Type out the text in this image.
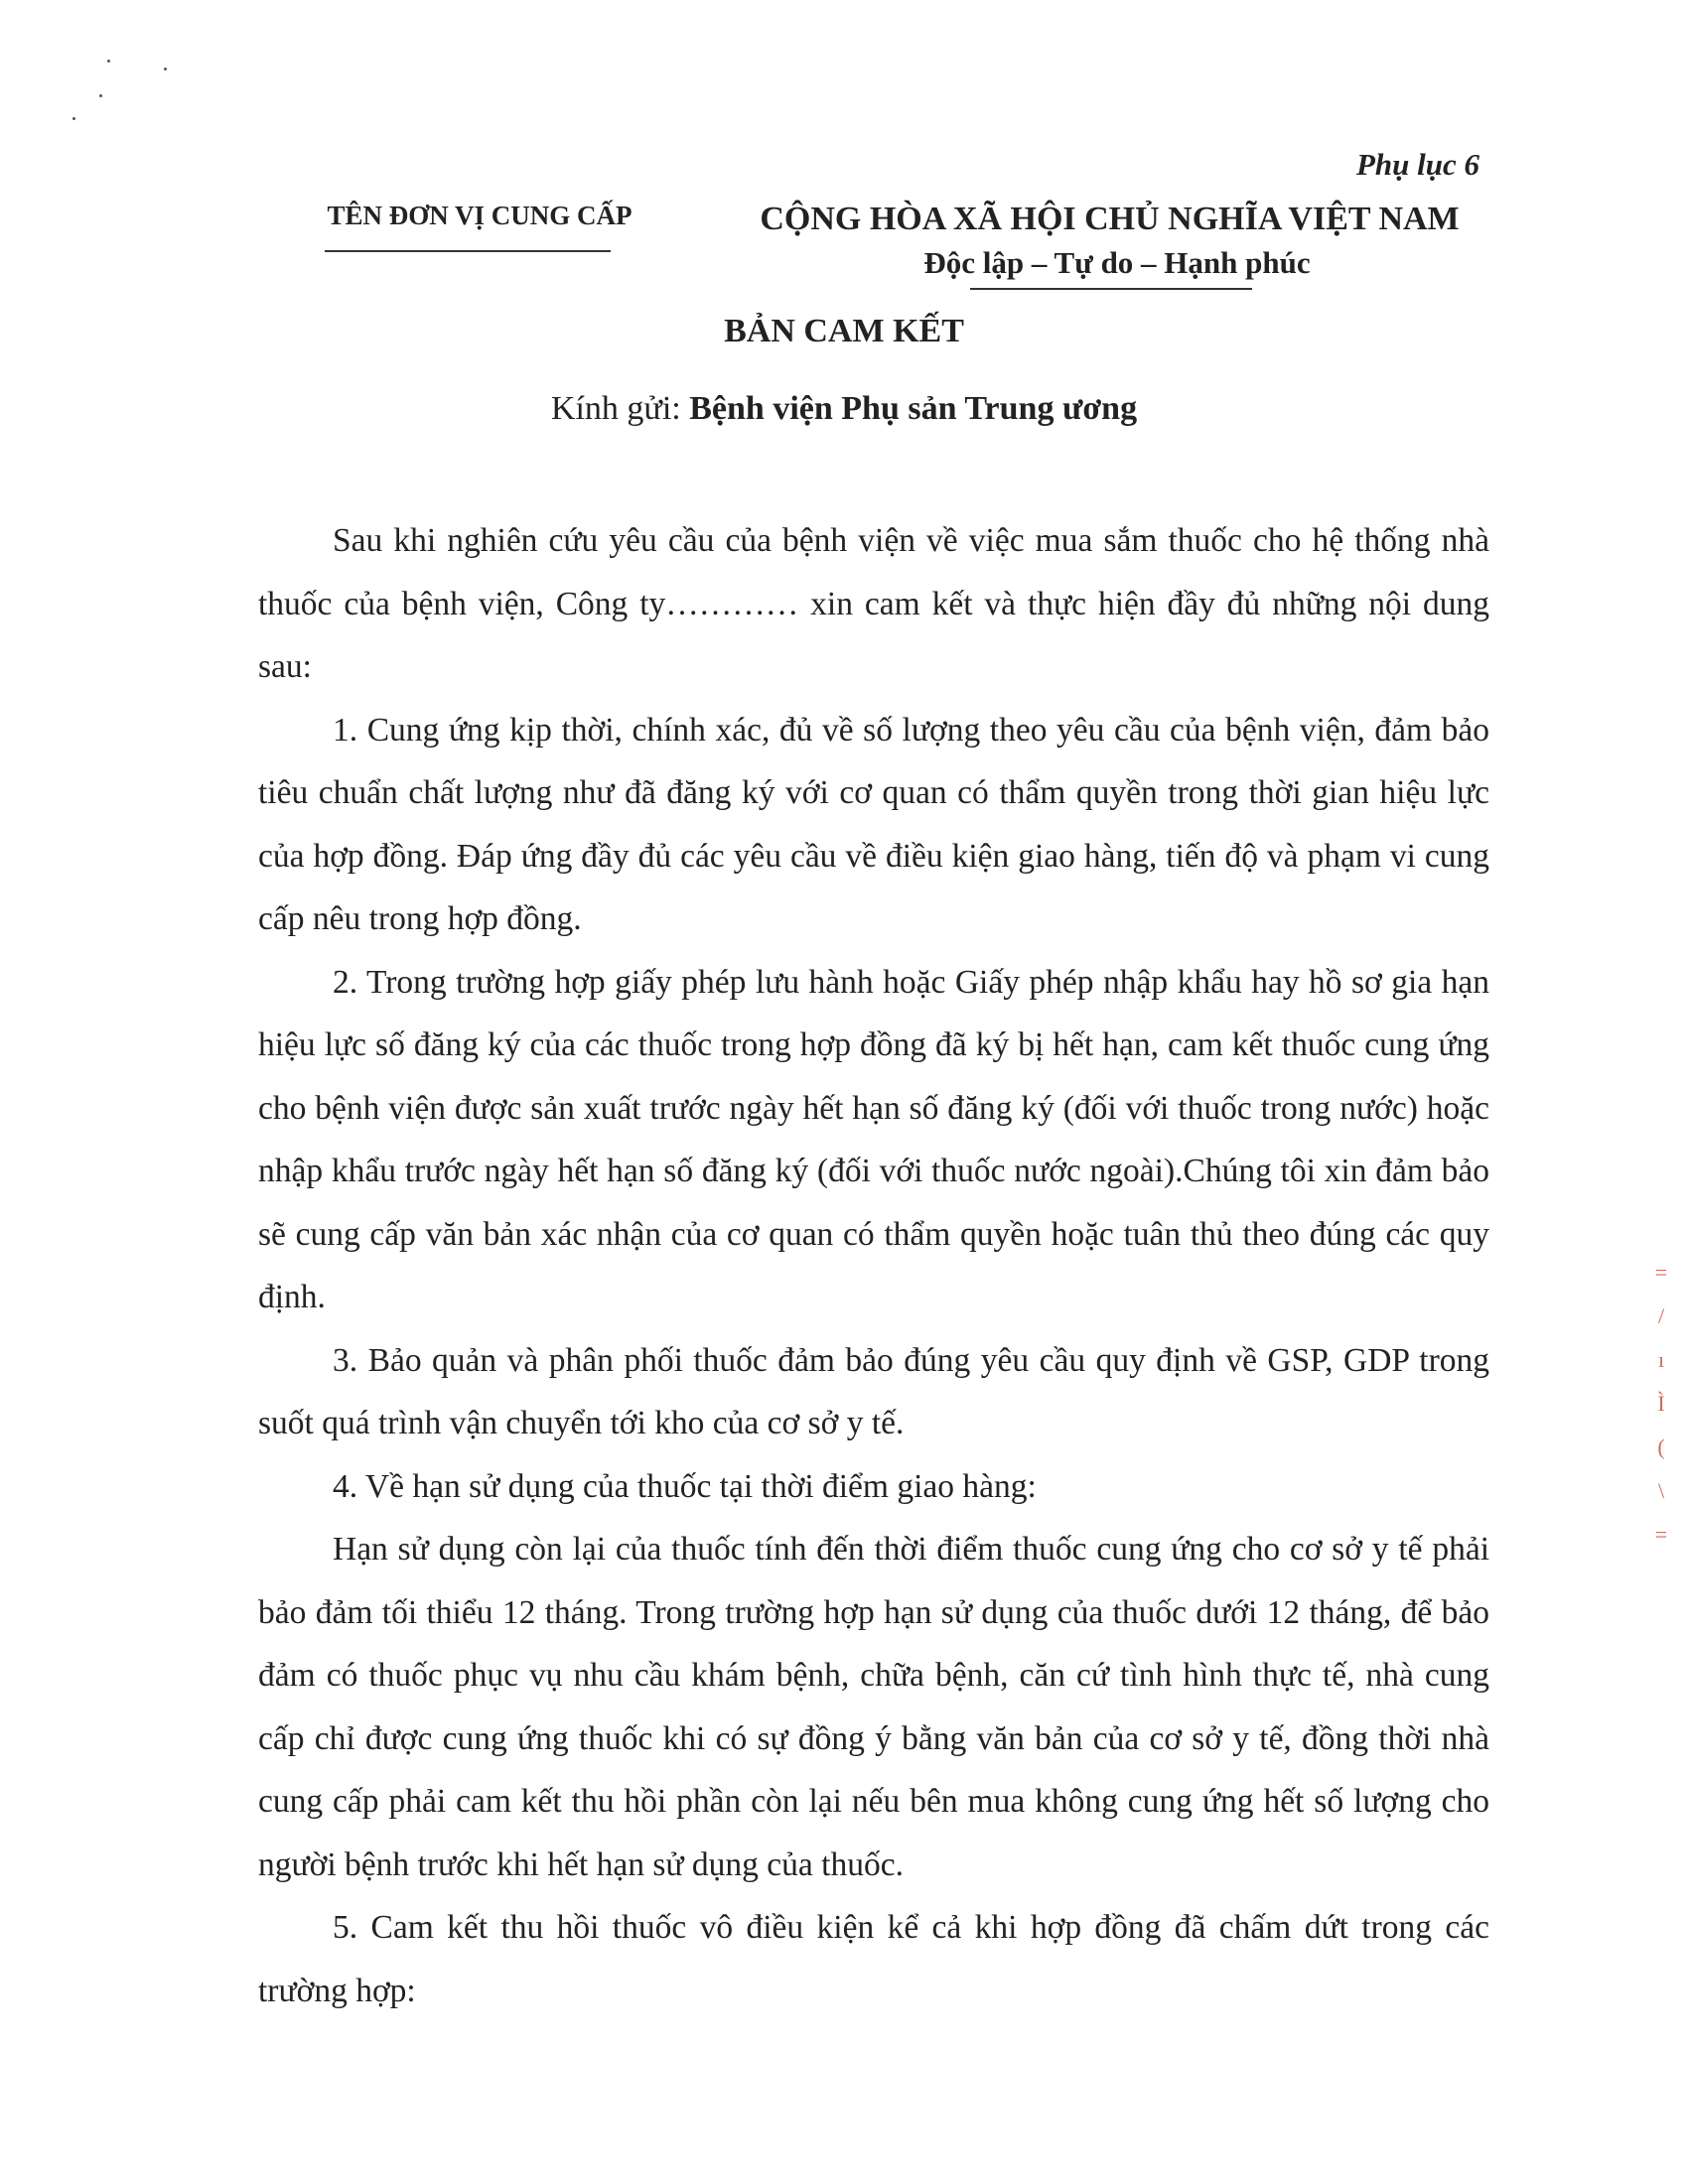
Phụ lục 6
TÊN ĐƠN VỊ CUNG CẤP	CỘNG HÒA XÃ HỘI CHỦ NGHĨA VIỆT NAM
Độc lập – Tự do – Hạnh phúc
BẢN CAM KẾT
Kính gửi: Bệnh viện Phụ sản Trung ương

Sau khi nghiên cứu yêu cầu của bệnh viện về việc mua sắm thuốc cho hệ thống nhà thuốc của bệnh viện, Công ty………… xin cam kết và thực hiện đầy đủ những nội dung sau:

1. Cung ứng kịp thời, chính xác, đủ về số lượng theo yêu cầu của bệnh viện, đảm bảo tiêu chuẩn chất lượng như đã đăng ký với cơ quan có thẩm quyền trong thời gian hiệu lực của hợp đồng. Đáp ứng đầy đủ các yêu cầu về điều kiện giao hàng, tiến độ và phạm vi cung cấp nêu trong hợp đồng.

2. Trong trường hợp giấy phép lưu hành hoặc Giấy phép nhập khẩu hay hồ sơ gia hạn hiệu lực số đăng ký của các thuốc trong hợp đồng đã ký bị hết hạn, cam kết thuốc cung ứng cho bệnh viện được sản xuất trước ngày hết hạn số đăng ký (đối với thuốc trong nước) hoặc nhập khẩu trước ngày hết hạn số đăng ký (đối với thuốc nước ngoài).Chúng tôi xin đảm bảo sẽ cung cấp văn bản xác nhận của cơ quan có thẩm quyền hoặc tuân thủ theo đúng các quy định.

3. Bảo quản và phân phối thuốc đảm bảo đúng yêu cầu quy định về GSP, GDP trong suốt quá trình vận chuyển tới kho của cơ sở y tế.

4. Về hạn sử dụng của thuốc tại thời điểm giao hàng:

Hạn sử dụng còn lại của thuốc tính đến thời điểm thuốc cung ứng cho cơ sở y tế phải bảo đảm tối thiểu 12 tháng. Trong trường hợp hạn sử dụng của thuốc dưới 12 tháng, để bảo đảm có thuốc phục vụ nhu cầu khám bệnh, chữa bệnh, căn cứ tình hình thực tế, nhà cung cấp chỉ được cung ứng thuốc khi có sự đồng ý bằng văn bản của cơ sở y tế, đồng thời nhà cung cấp phải cam kết thu hồi phần còn lại nếu bên mua không cung ứng hết số lượng cho người bệnh trước khi hết hạn sử dụng của thuốc.

5. Cam kết thu hồi thuốc vô điều kiện kể cả khi hợp đồng đã chấm dứt trong các trường hợp:

=
/
ı
Ì
(
\
=
